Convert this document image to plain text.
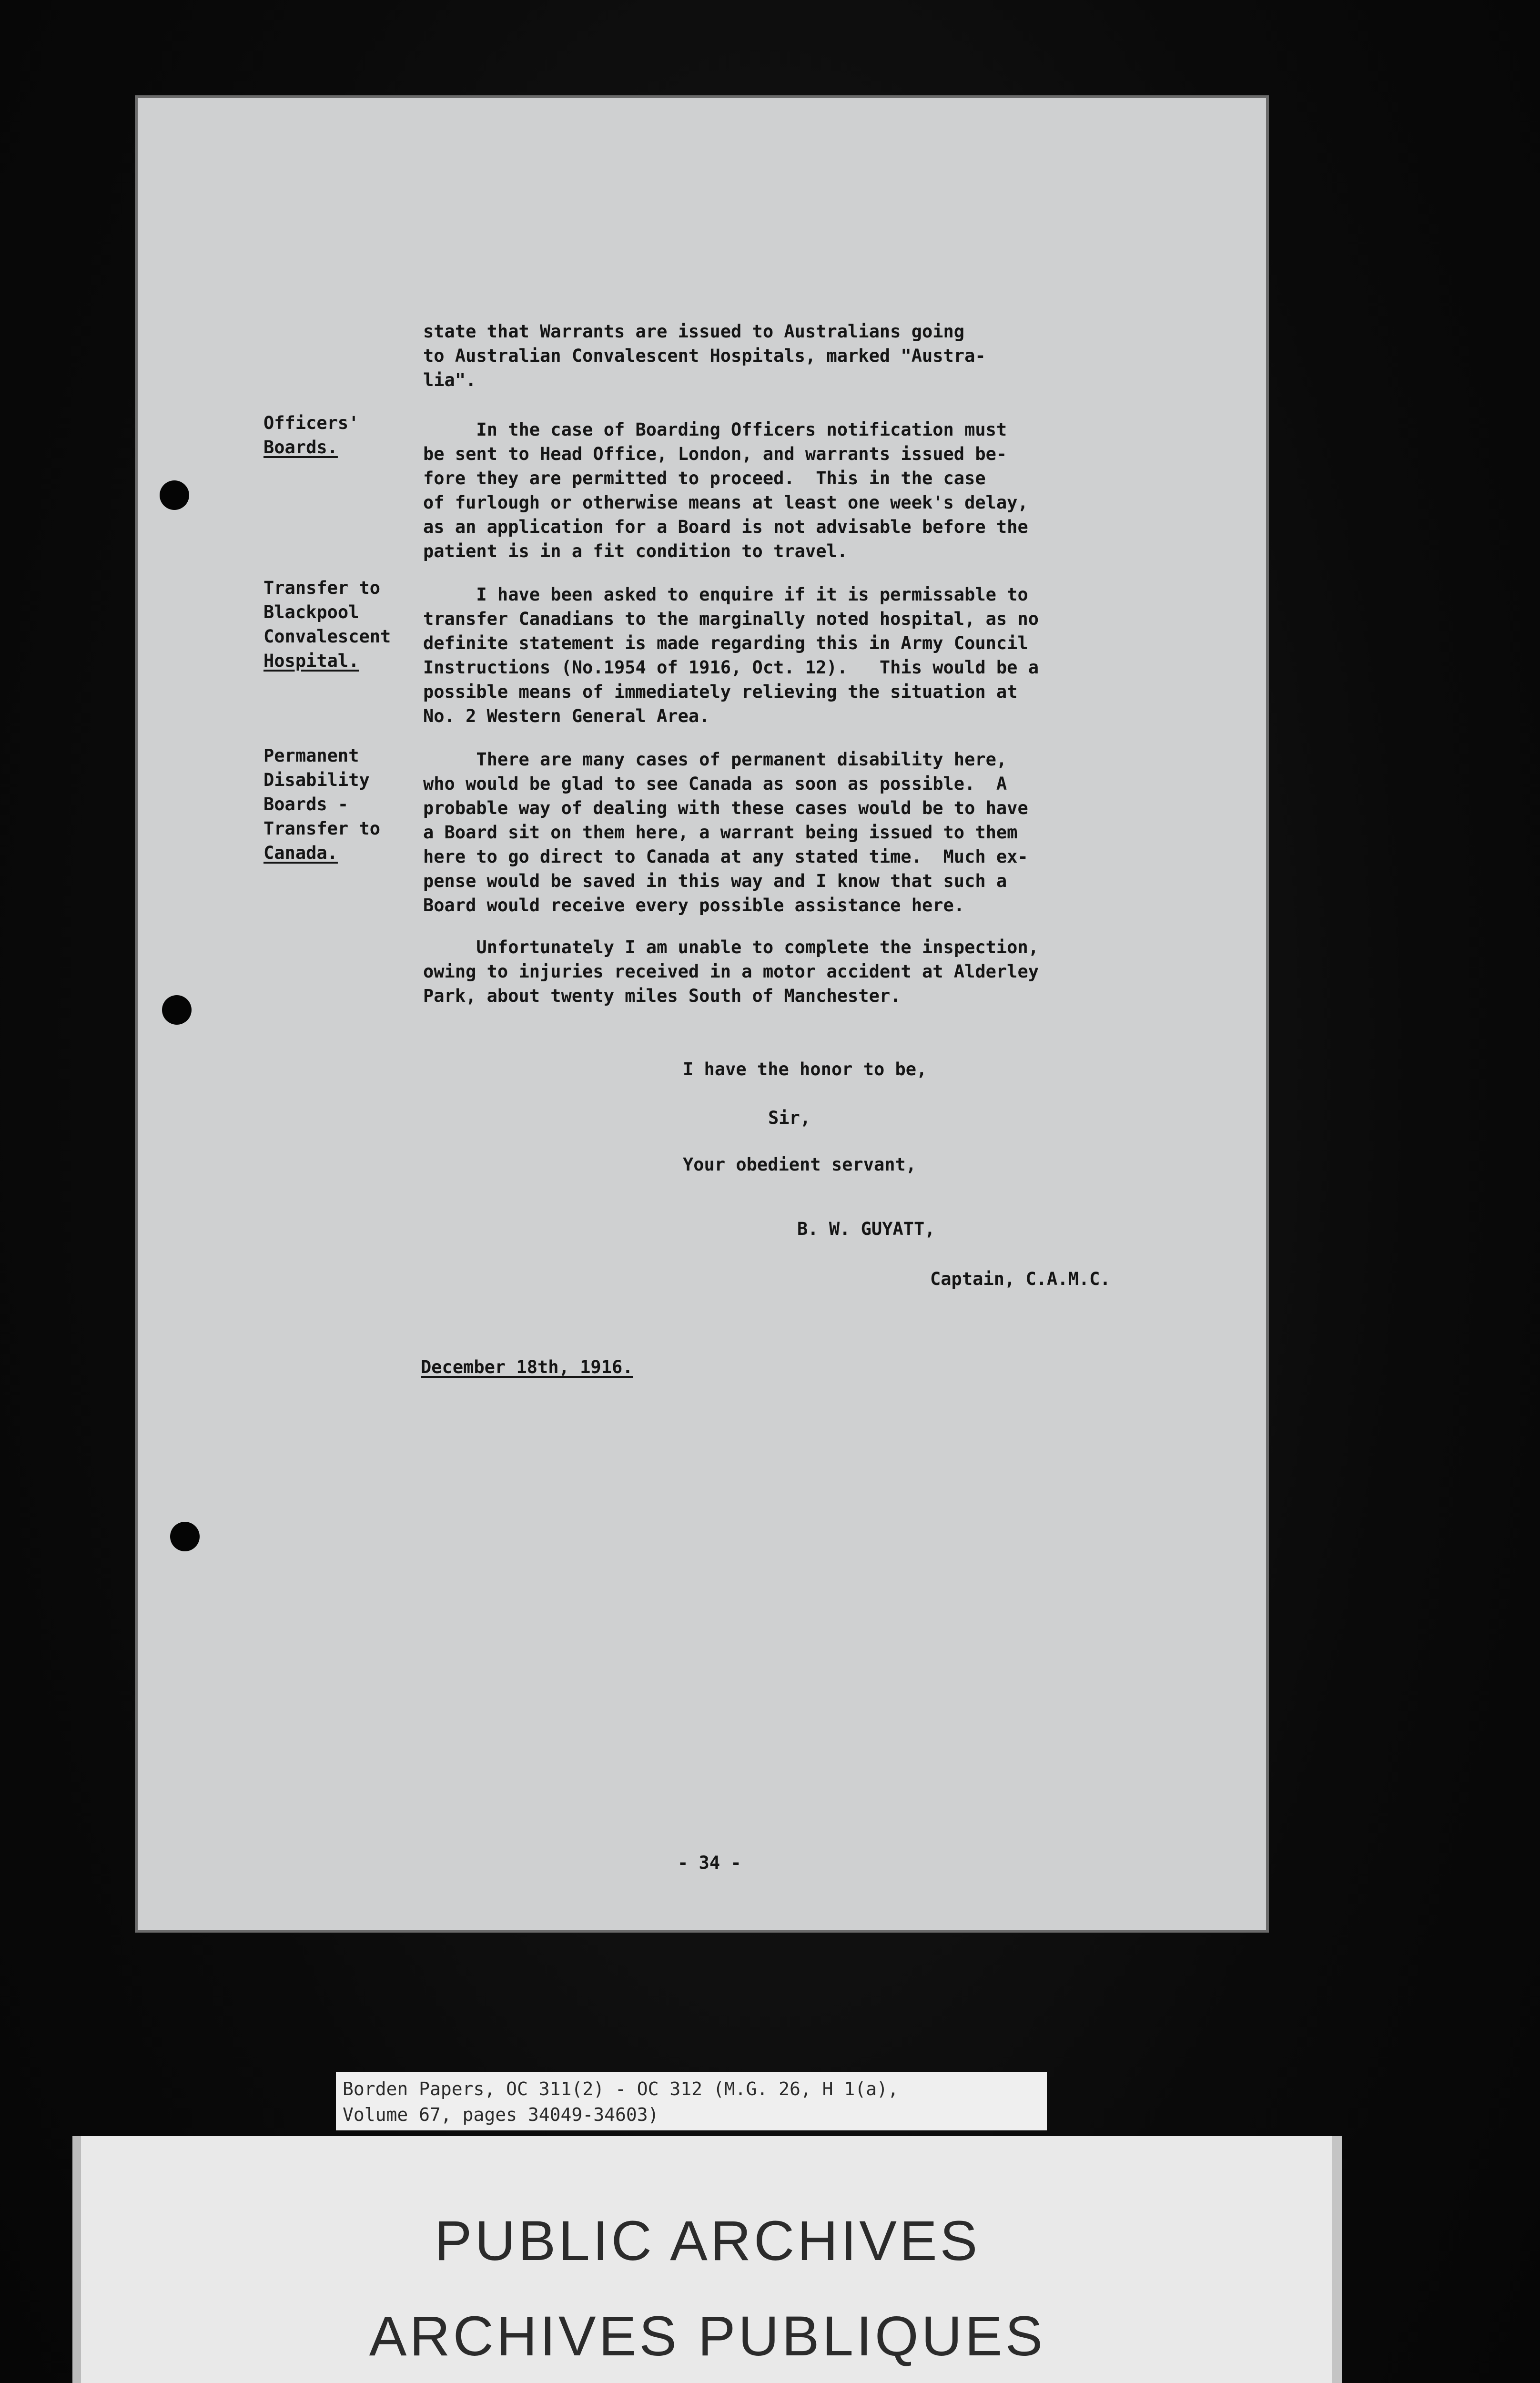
state that Warrants are issued to Australians going
to Australian Convalescent Hospitals, marked "Austra-
lia".
Officers'
Boards.
In the case of Boarding Officers notification must
be sent to Head Office, London, and warrants issued be-
fore they are permitted to proceed.  This in the case
of furlough or otherwise means at least one week's delay,
as an application for a Board is not advisable before the
patient is in a fit condition to travel.
Transfer to
Blackpool
Convalescent
Hospital.
I have been asked to enquire if it is permissable to
transfer Canadians to the marginally noted hospital, as no
definite statement is made regarding this in Army Council
Instructions (No.1954 of 1916, Oct. 12).   This would be a
possible means of immediately relieving the situation at
No. 2 Western General Area.
Permanent
Disability
Boards -
Transfer to
Canada.
There are many cases of permanent disability here,
who would be glad to see Canada as soon as possible.  A
probable way of dealing with these cases would be to have
a Board sit on them here, a warrant being issued to them
here to go direct to Canada at any stated time.  Much ex-
pense would be saved in this way and I know that such a
Board would receive every possible assistance here.
Unfortunately I am unable to complete the inspection,
owing to injuries received in a motor accident at Alderley
Park, about twenty miles South of Manchester.
I have the honor to be,
Sir,
Your obedient servant,
B. W. GUYATT,
Captain, C.A.M.C.
December 18th, 1916.
- 34 -
Borden Papers, OC 311(2) - OC 312 (M.G. 26, H 1(a),
Volume 67, pages 34049-34603)
PUBLIC ARCHIVES
ARCHIVES PUBLIQUES
